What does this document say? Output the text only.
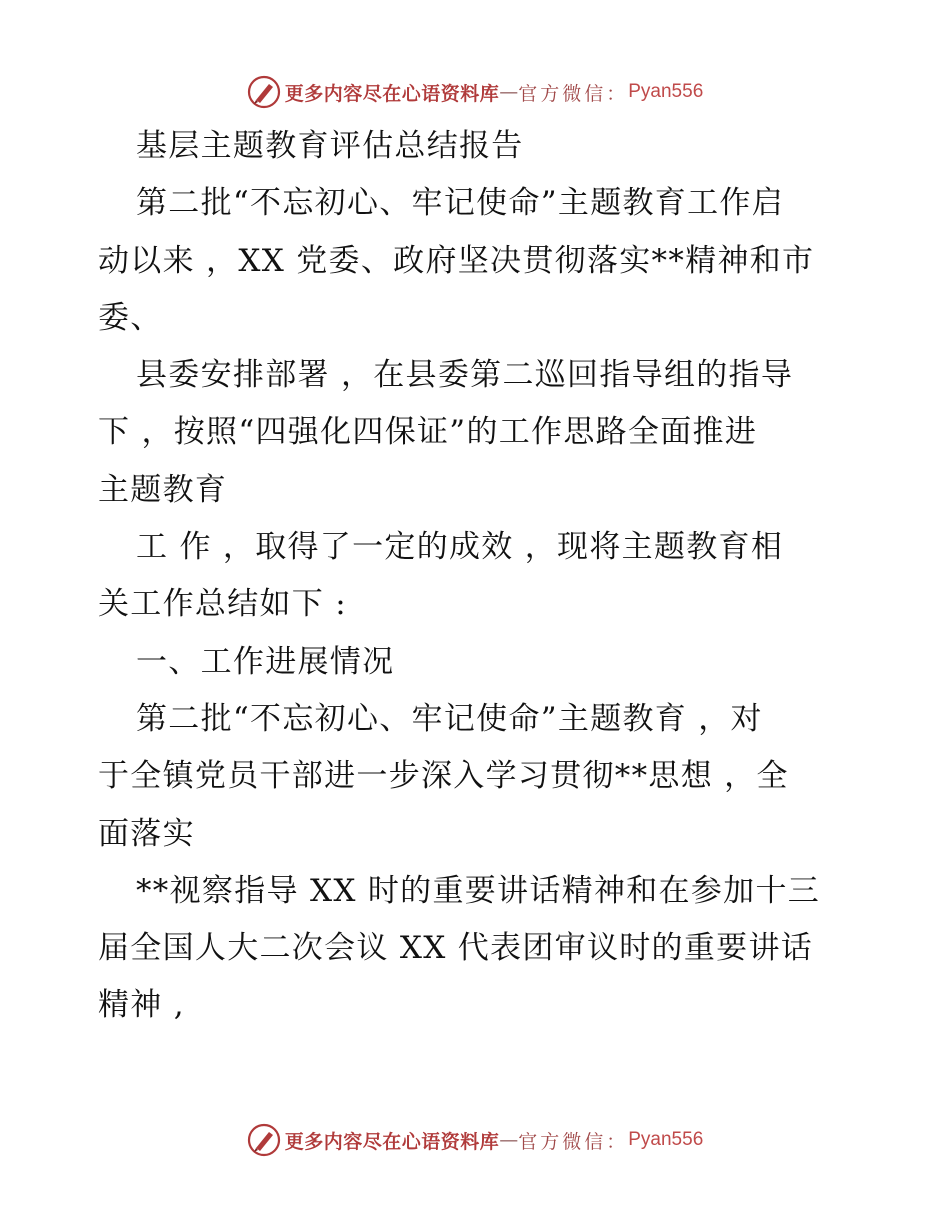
更多内容尽在心语资料库 — 官方微信： Pyan556
基层主题教育评估总结报告
第二批“不忘初心、牢记使命”主题教育工作启
动以来 ，XX 党委、政府坚决贯彻落实**精神和市
委、
县委安排部署 ，在县委第二巡回指导组的指导
下 ，按照“四强化四保证”的工作思路全面推进
主题教育
工 作 ，取得了一定的成效 ，现将主题教育相
关工作总结如下 :
一、工作进展情况
第二批“不忘初心、牢记使命”主题教育 ，对
于全镇党员干部进一步深入学习贯彻**思想 ，全
面落实
**视察指导 XX 时的重要讲话精神和在参加十三
届全国人大二次会议 XX 代表团审议时的重要讲话
精神 ,
更多内容尽在心语资料库 — 官方微信： Pyan556
